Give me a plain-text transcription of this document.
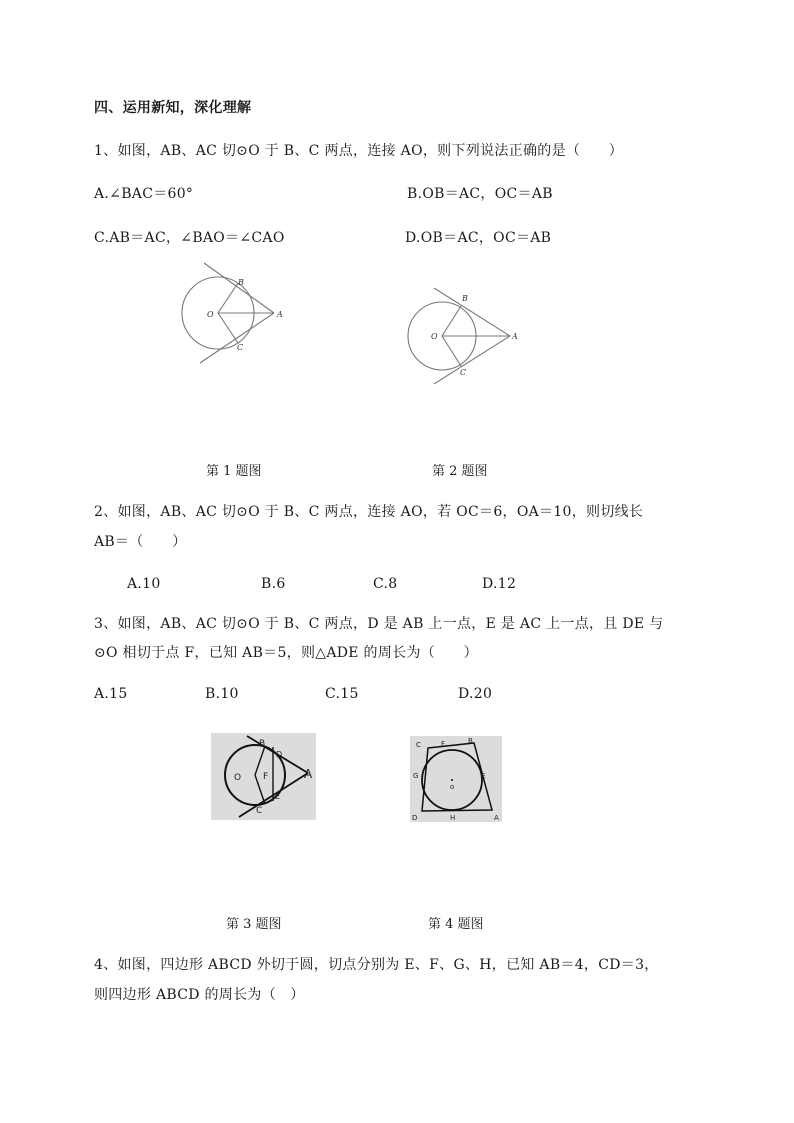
四、运用新知，深化理解
1、如图，AB、AC 切⊙O 于 B、C 两点，连接 AO，则下列说法正确的是（　　）
A.∠BAC＝60°	B.OB＝AC，OC＝AB
C.AB＝AC，∠BAO＝∠CAO	D.OB＝AC，OC＝AB
O	A
B
C
O	A
B
C
第 1 题图	第 2 题图
2、如图，AB、AC 切⊙O 于 B、C 两点，连接 AO，若 OC＝6，OA＝10，则切线长
AB＝（　　）
A.10	B.6	C.8	D.12
3、如图，AB、AC 切⊙O 于 B、C 两点，D 是 AB 上一点，E 是 AC 上一点，且 DE 与
⊙O 相切于点 F，已知 AB＝5，则△ADE 的周长为（　　）
A.15	B.10	C.15	D.20
O	A
B
C
D
F
E
C	F	B
G	E
o
D	H	A
第 3 题图	第 4 题图
4、如图，四边形 ABCD 外切于圆，切点分别为 E、F、G、H，已知 AB＝4，CD＝3，
则四边形 ABCD 的周长为（　）
